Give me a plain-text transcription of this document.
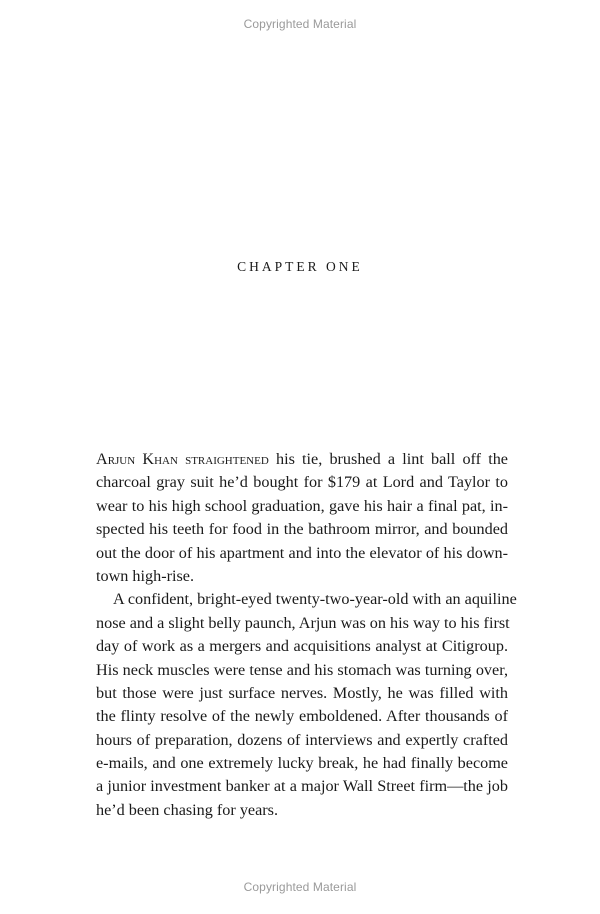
Copyrighted Material
CHAPTER ONE
Arjun Khan straightened his tie, brushed a lint ball off the
charcoal gray suit he’d bought for $179 at Lord and Taylor to
wear to his high school graduation, gave his hair a final pat, in-
spected his teeth for food in the bathroom mirror, and bounded
out the door of his apartment and into the elevator of his down-
town high-rise.
A confident, bright-eyed twenty-two-year-old with an aquiline
nose and a slight belly paunch, Arjun was on his way to his first
day of work as a mergers and acquisitions analyst at Citigroup.
His neck muscles were tense and his stomach was turning over,
but those were just surface nerves. Mostly, he was filled with
the flinty resolve of the newly emboldened. After thousands of
hours of preparation, dozens of interviews and expertly crafted
e-mails, and one extremely lucky break, he had finally become
a junior investment banker at a major Wall Street firm—the job
he’d been chasing for years.
Copyrighted Material
